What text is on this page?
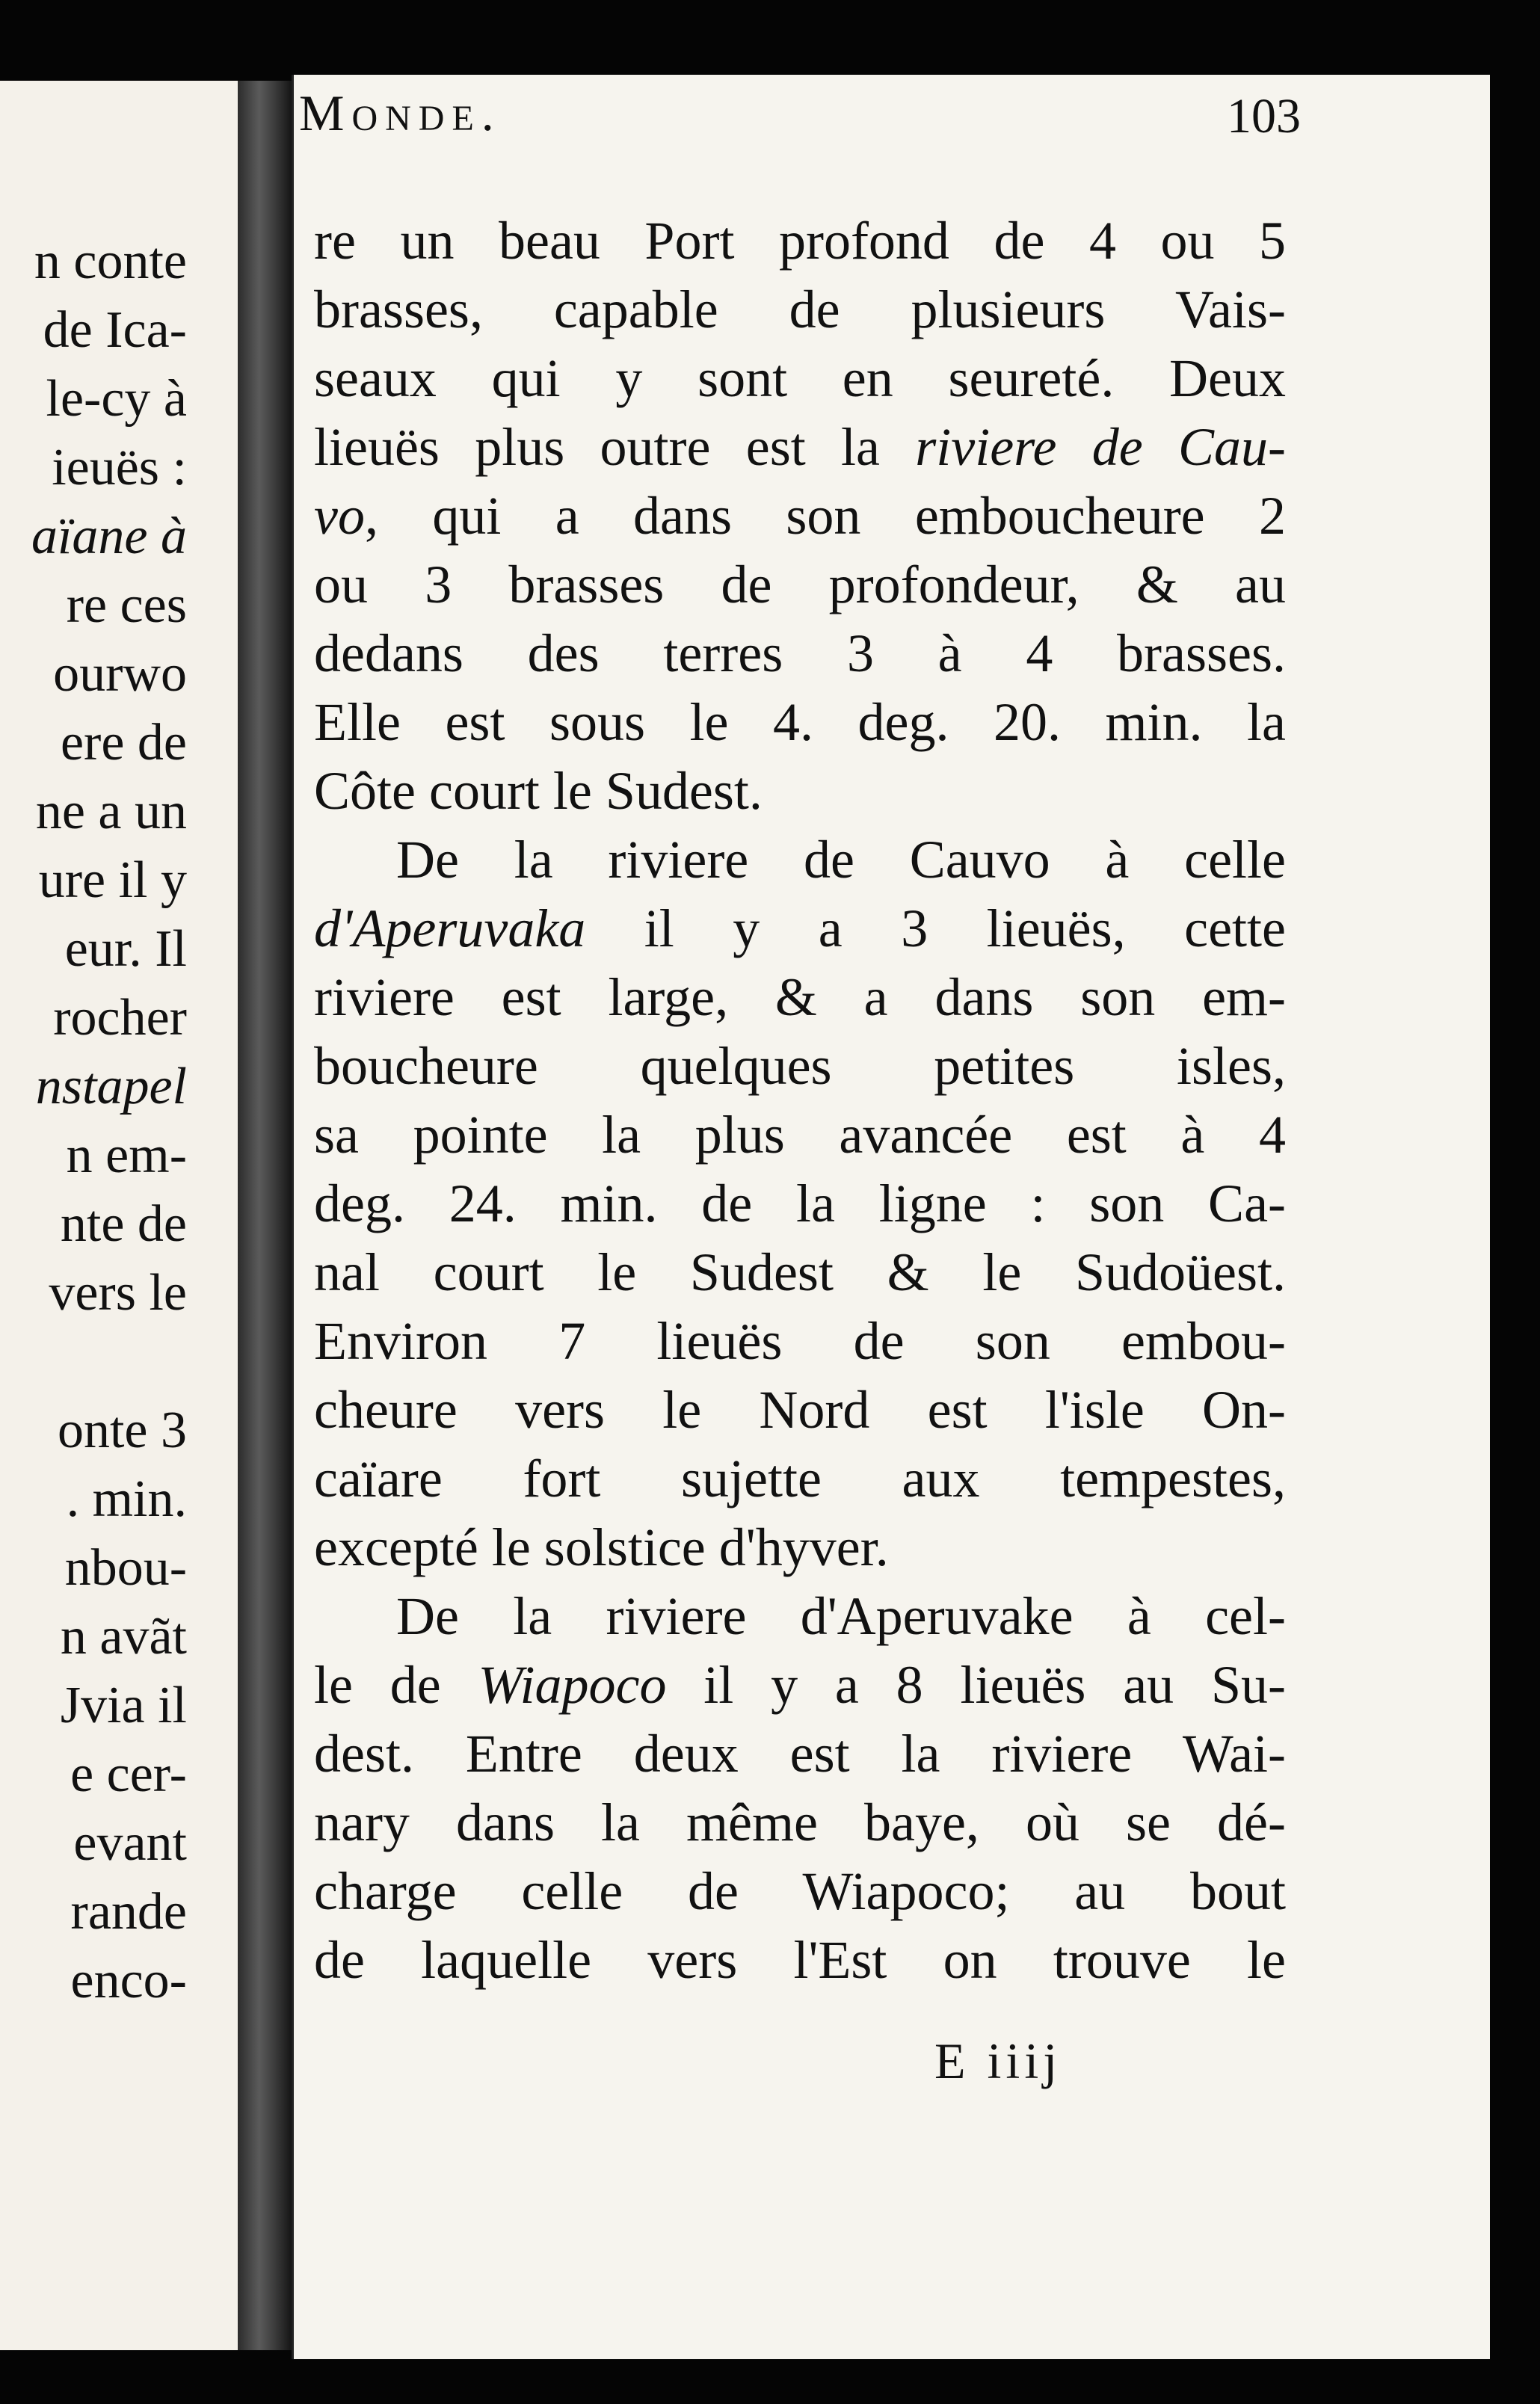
n conte
de Ica-
le-cy à
ieuës :
aïane à
re ces
ourwo
ere de
ne a un
ure il y
eur. Il
rocher
nstapel
n em-
nte de
vers le
onte 3
. min.
nbou-
n avãt
Jvia il
e cer-
evant
rande
enco-
Monde.	103
re un beau Port profond de 4 ou 5
brasses, capable de plusieurs Vais-
seaux qui y sont en seureté. Deux
lieuës plus outre est la riviere de Cau-
vo, qui a dans son emboucheure 2
ou 3 brasses de profondeur, & au
dedans des terres 3 à 4 brasses.
Elle est sous le 4. deg. 20. min. la
Côte court le Sudest.
De la riviere de Cauvo à celle
d'Aperuvaka il y a 3 lieuës, cette
riviere est large, & a dans son em-
boucheure quelques petites isles,
sa pointe la plus avancée est à 4
deg. 24. min. de la ligne : son Ca-
nal court le Sudest & le Sudoüest.
Environ 7 lieuës de son embou-
cheure vers le Nord est l'isle On-
caïare fort sujette aux tempestes,
excepté le solstice d'hyver.
De la riviere d'Aperuvake à cel-
le de Wiapoco il y a 8 lieuës au Su-
dest. Entre deux est la riviere Wai-
nary dans la même baye, où se dé-
charge celle de Wiapoco; au bout
de laquelle vers l'Est on trouve le
E iiij
